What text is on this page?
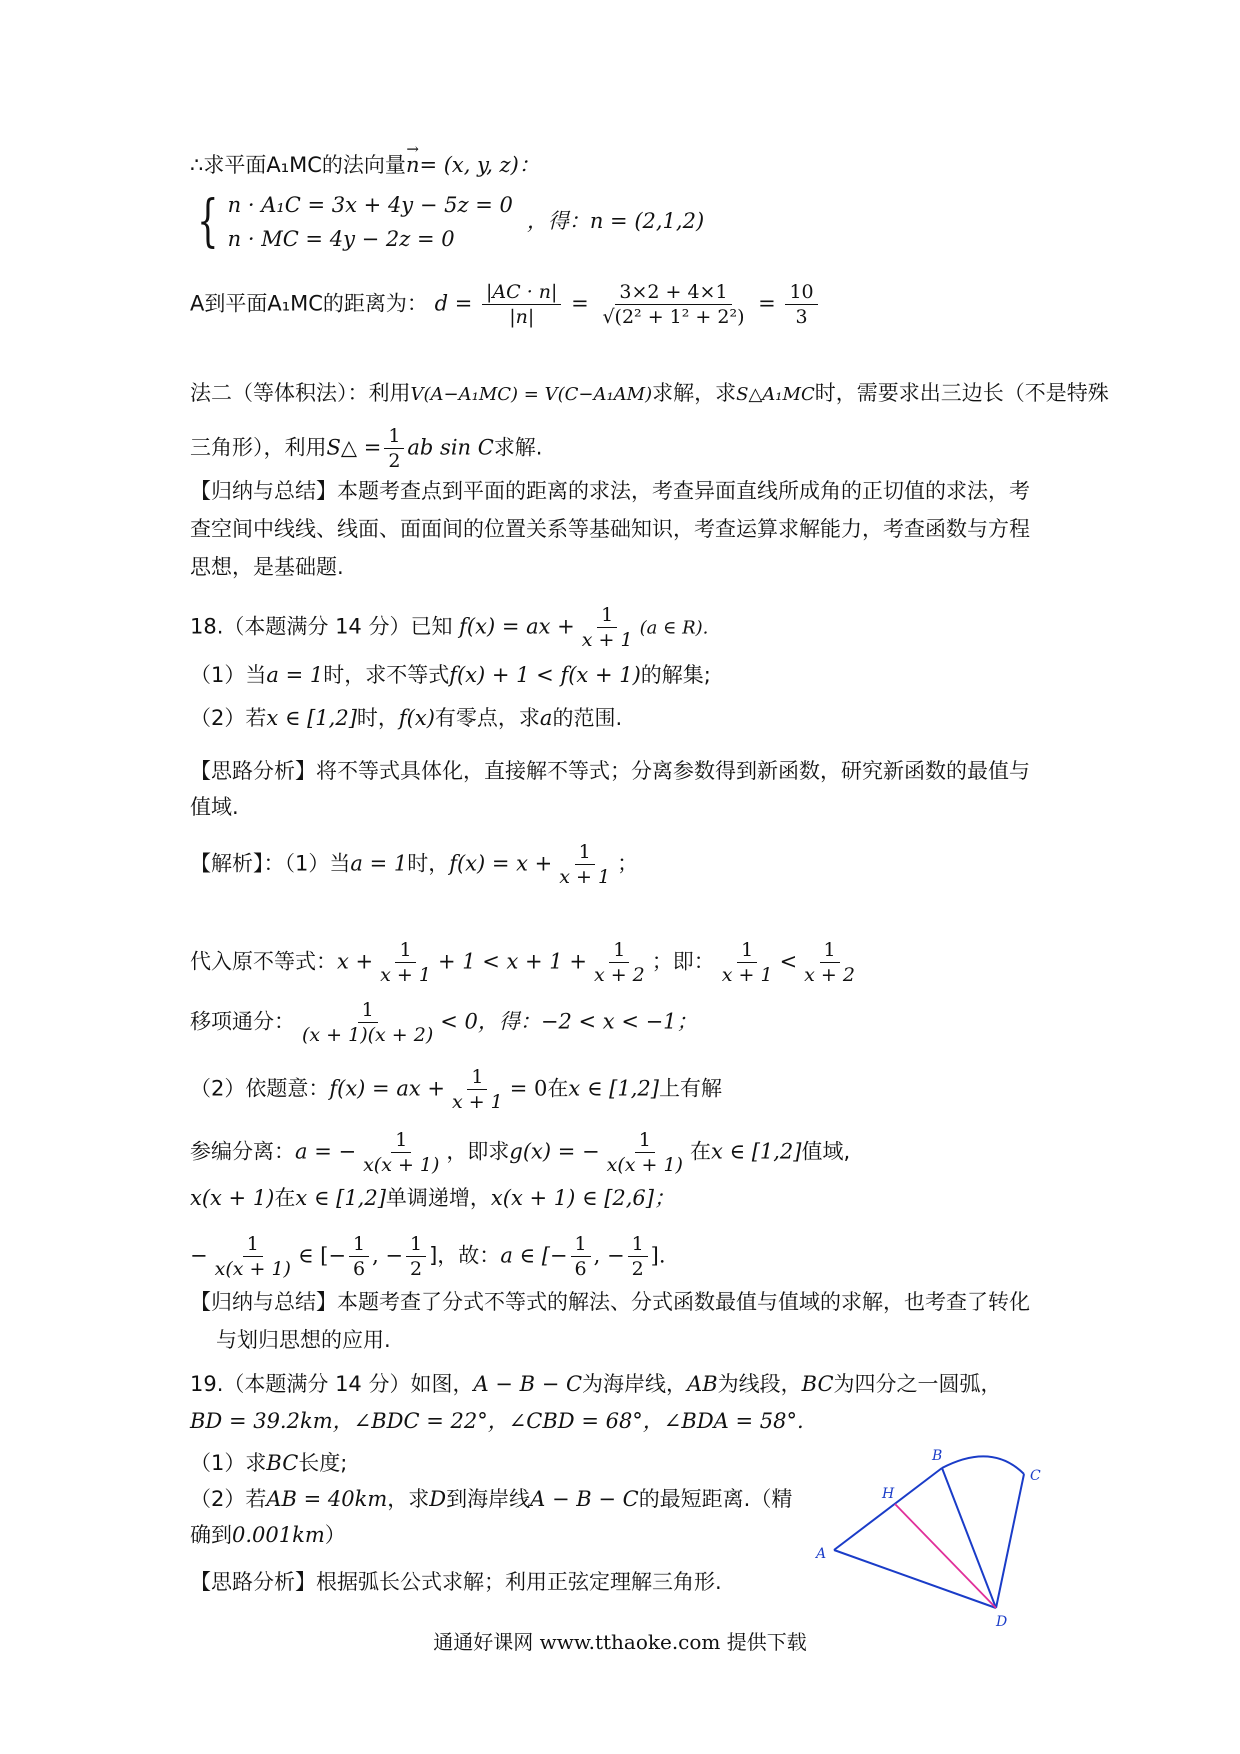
∴求平面A₁MC的法向量→ n= (x, y, z)：
{ n · A₁C = 3x + 4y − 5z = 0
n · MC = 4y − 2z = 0
，得：n = (2,1,2)
A到平面A₁MC的距离为： $d = \frac{|AC \cdot n|}{|n|} = \frac{3\times 2 + 4\times 1}{\text{√(2² + 1² + 2²)}} = \frac{10}{3}$
法二（等体积法）：利用V(A−A₁MC) = V(C−A₁AM)求解，求S△A₁MC时，需要求出三边长（不是特殊
三角形），利用S△ = $\frac{1}{2}$ ab sin C求解.
【归纳与总结】本题考查点到平面的距离的求法，考查异面直线所成角的正切值的求法，考
查空间中线线、线面、面面间的位置关系等基础知识，考查运算求解能力，考查函数与方程
思想，是基础题.
18.（本题满分 14 分）已知 f(x) = ax + $\frac{1}{x + 1} (a$ ∈ R).
（1）当a = 1时，求不等式f(x) + 1 < f(x + 1)的解集;
（2）若x ∈ [1,2]时，f(x)有零点，求a的范围.
【思路分析】将不等式具体化，直接解不等式；分离参数得到新函数，研究新函数的最值与
值域.
【解析】：（1）当a = 1时，$f(x) = x + \frac{1}{x + 1}$ ；
代入原不等式：$x + \frac{1}{x + 1} + 1 < x + 1 + \frac{1}{x + 2}$ ；即： $\frac{1}{x + 1} < \frac{1}{x + 2}$
移项通分： $\frac{1}{(x + 1)(x + 2)} < 0$，得：−2 < x < −1；
（2）依题意：f(x) = ax + $\frac{1}{x + 1} = 0$在x ∈ [1,2]上有解
参编分离：a = − $\frac{1}{x(x + 1)}$ ，即求g(x) = − $\frac{1}{x(x + 1)}$ 在x ∈ [1,2]值域,
x(x + 1)在x ∈ [1,2]单调递增，x(x + 1) ∈ [2,6]；
− $\frac{1}{x(x + 1)}$ ∈ [− $\frac{1}{6}$ , − $\frac{1}{2}$ ]，故：a ∈ [− $\frac{1}{6}$ , − $\frac{1}{2}$ ].
【归纳与总结】本题考查了分式不等式的解法、分式函数最值与值域的求解，也考查了转化
与划归思想的应用.
19.（本题满分 14 分）如图，A − B − C为海岸线，AB为线段，BC为四分之一圆弧，
BD = 39.2km，∠BDC = 22°，∠CBD = 68°，∠BDA = 58°.
（1）求BC长度;
（2）若AB = 40km，求D到海岸线A − B − C的最短距离.（精
确到0.001km）
【思路分析】根据弧长公式求解；利用正弦定理解三角形.
A
B
C
D
H
通通好课网 www.tthaoke.com 提供下载
